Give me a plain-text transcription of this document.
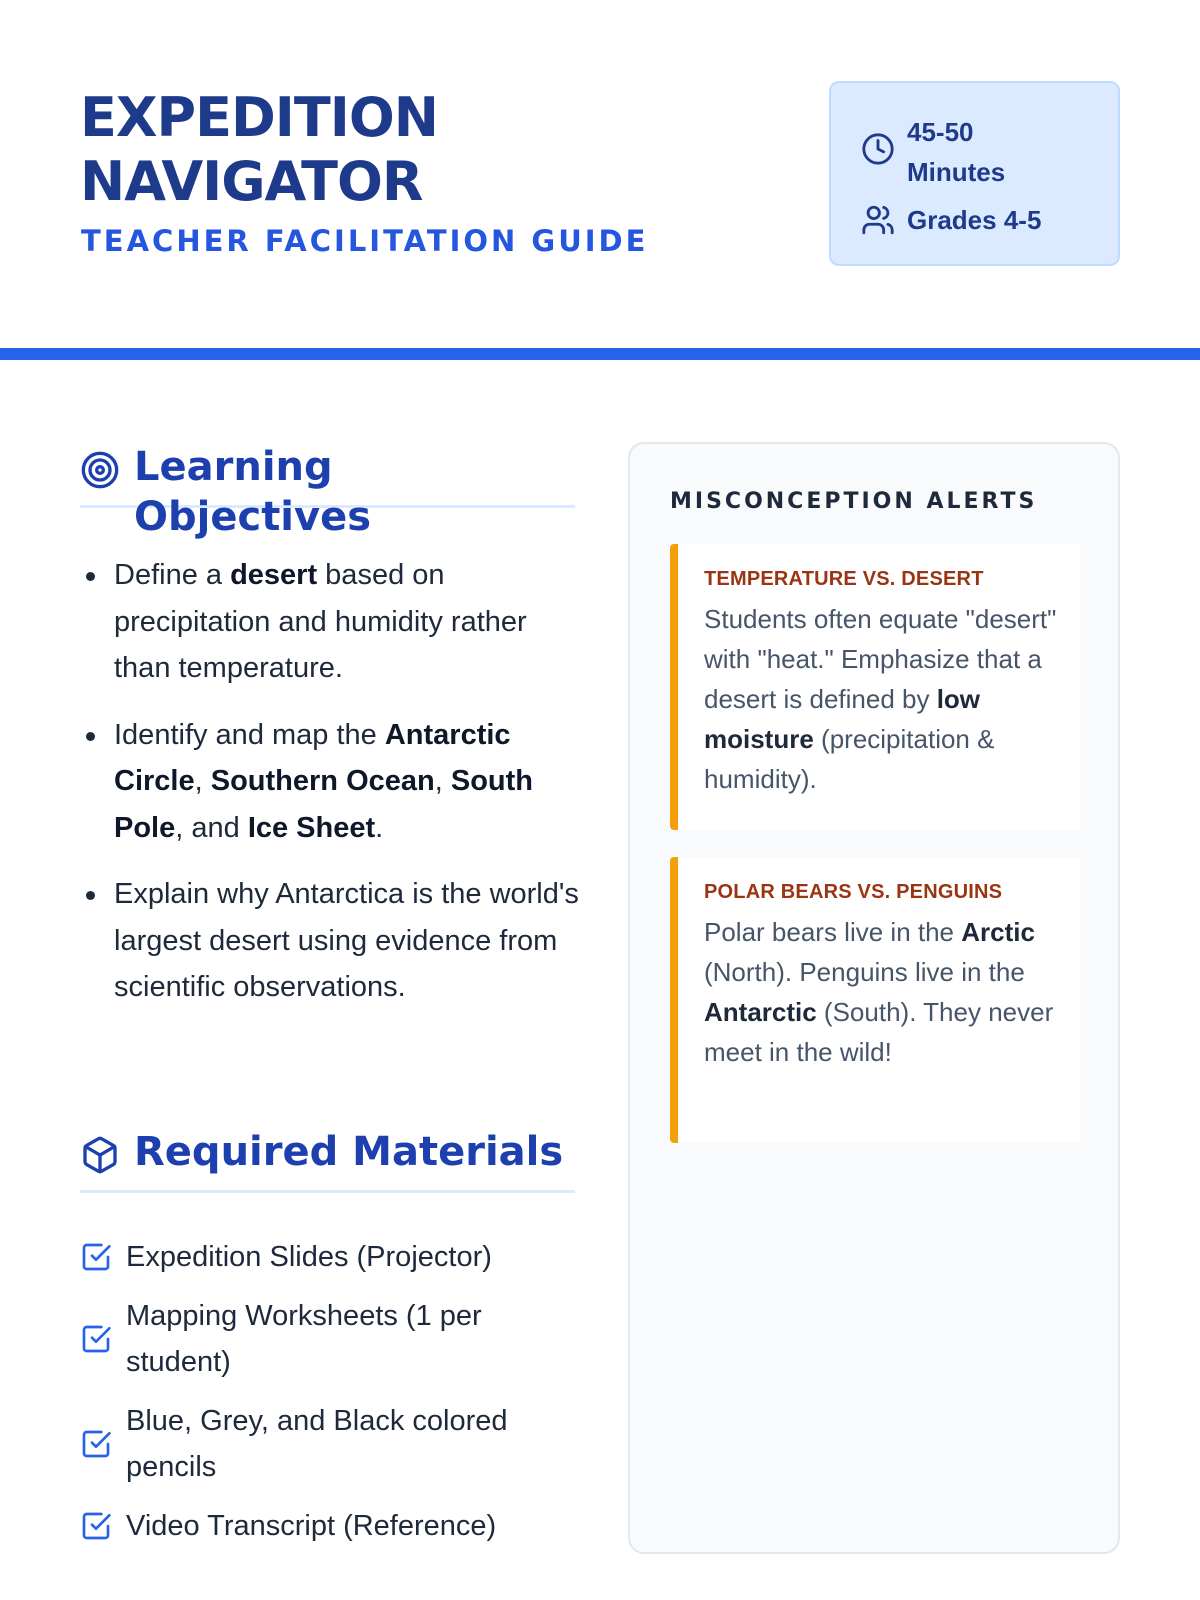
EXPEDITION
NAVIGATOR
TEACHER FACILITATION GUIDE
45-50 Minutes
Grades 4-5
Learning Objectives
Define a desert based on precipitation and humidity rather than temperature.
Identify and map the Antarctic Circle, Southern Ocean, South Pole, and Ice Sheet.
Explain why Antarctica is the world's largest desert using evidence from scientific observations.
Required Materials
Expedition Slides (Projector)
Mapping Worksheets (1 per student)
Blue, Grey, and Black colored pencils
Video Transcript (Reference)
MISCONCEPTION ALERTS
TEMPERATURE VS. DESERT
Students often equate "desert" with "heat." Emphasize that a desert is defined by low moisture (precipitation & humidity).
POLAR BEARS VS. PENGUINS
Polar bears live in the Arctic (North). Penguins live in the Antarctic (South). They never meet in the wild!
